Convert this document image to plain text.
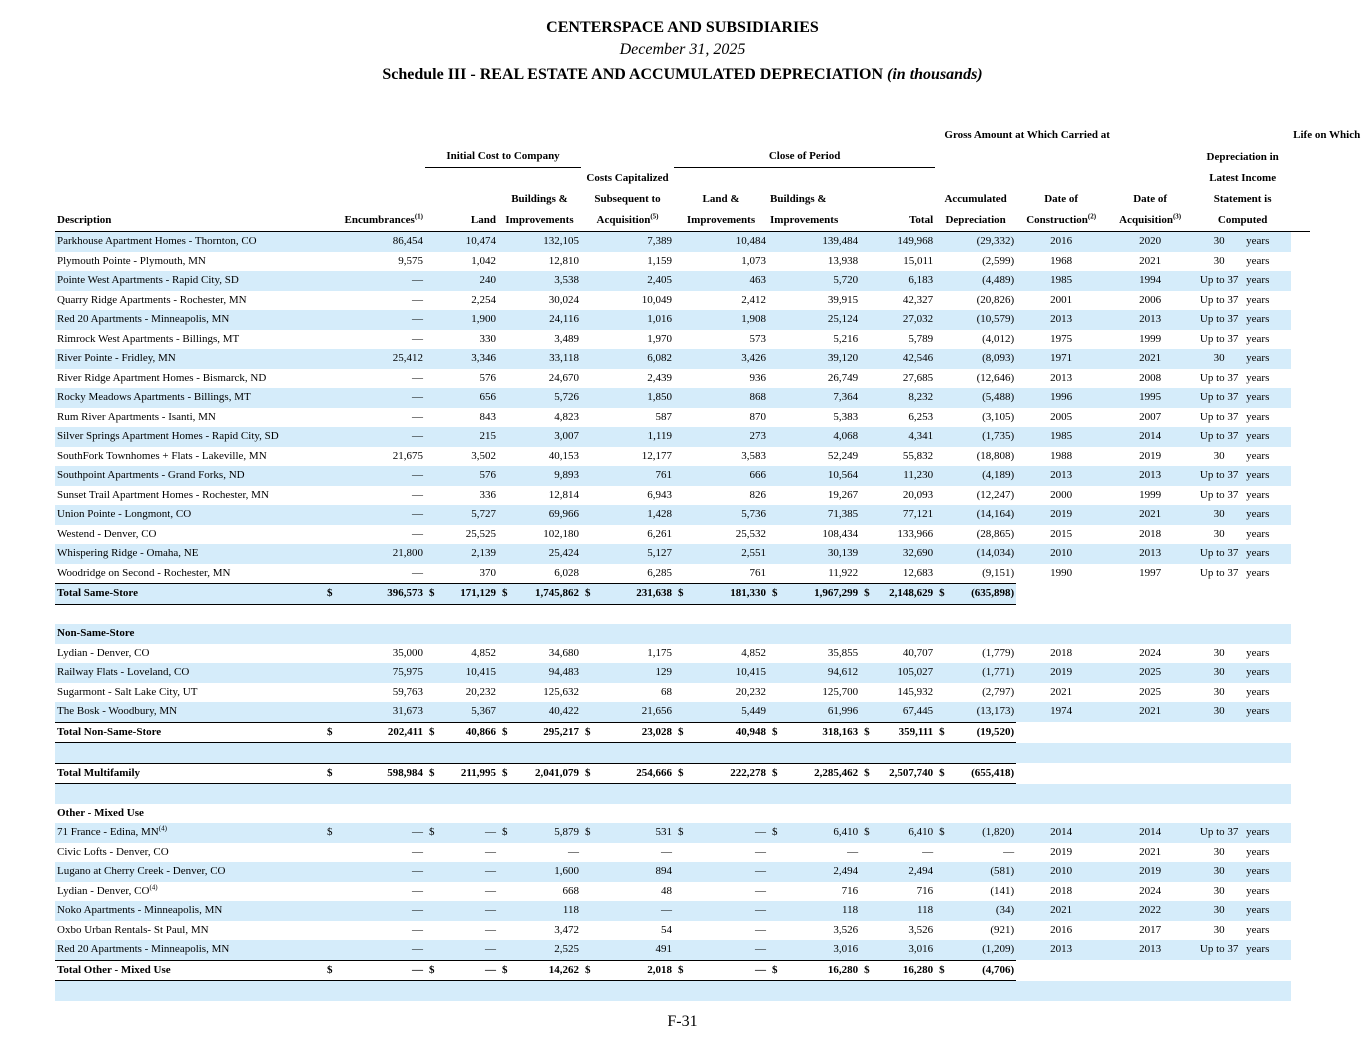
CENTERSPACE AND SUBSIDIARIES
December 31, 2025
Schedule III - REAL ESTATE AND ACCUMULATED DEPRECIATION (in thousands)
													Gross Amount at Which Carried at								Life on Which
			Initial Cost to Company						Close of Period										Depreciation in		
							Costs Capitalized												Latest Income		
					Buildings &		Subsequent to		Land &		Buildings &				Accumulated		Date of	Date of	Statement is		
Description	Encumbrances$^{(1)}$		Land		Improvements		Acquisition$^{(5)}$		Improvements		Improvements		Total		Depreciation		Construction$^{(2)}$	Acquisition$^{(3)}$	Computed		
Parkhouse Apartment Homes - Thornton, CO		86,454		10,474		132,105		7,389		10,484		139,484		149,968		(29,332)	2016	2020	30	years	
Plymouth Pointe - Plymouth, MN		9,575		1,042		12,810		1,159		1,073		13,938		15,011		(2,599)	1968	2021	30	years	
Pointe West Apartments - Rapid City, SD		—		240		3,538		2,405		463		5,720		6,183		(4,489)	1985	1994	Up to 37	years	
Quarry Ridge Apartments - Rochester, MN		—		2,254		30,024		10,049		2,412		39,915		42,327		(20,826)	2001	2006	Up to 37	years	
Red 20 Apartments - Minneapolis, MN		—		1,900		24,116		1,016		1,908		25,124		27,032		(10,579)	2013	2013	Up to 37	years	
Rimrock West Apartments - Billings, MT		—		330		3,489		1,970		573		5,216		5,789		(4,012)	1975	1999	Up to 37	years	
River Pointe - Fridley, MN		25,412		3,346		33,118		6,082		3,426		39,120		42,546		(8,093)	1971	2021	30	years	
River Ridge Apartment Homes - Bismarck, ND		—		576		24,670		2,439		936		26,749		27,685		(12,646)	2013	2008	Up to 37	years	
Rocky Meadows Apartments - Billings, MT		—		656		5,726		1,850		868		7,364		8,232		(5,488)	1996	1995	Up to 37	years	
Rum River Apartments - Isanti, MN		—		843		4,823		587		870		5,383		6,253		(3,105)	2005	2007	Up to 37	years	
Silver Springs Apartment Homes - Rapid City, SD		—		215		3,007		1,119		273		4,068		4,341		(1,735)	1985	2014	Up to 37	years	
SouthFork Townhomes + Flats - Lakeville, MN		21,675		3,502		40,153		12,177		3,583		52,249		55,832		(18,808)	1988	2019	30	years	
Southpoint Apartments - Grand Forks, ND		—		576		9,893		761		666		10,564		11,230		(4,189)	2013	2013	Up to 37	years	
Sunset Trail Apartment Homes - Rochester, MN		—		336		12,814		6,943		826		19,267		20,093		(12,247)	2000	1999	Up to 37	years	
Union Pointe - Longmont, CO		—		5,727		69,966		1,428		5,736		71,385		77,121		(14,164)	2019	2021	30	years	
Westend - Denver, CO		—		25,525		102,180		6,261		25,532		108,434		133,966		(28,865)	2015	2018	30	years	
Whispering Ridge - Omaha, NE		21,800		2,139		25,424		5,127		2,551		30,139		32,690		(14,034)	2010	2013	Up to 37	years	
Woodridge on Second - Rochester, MN		—		370		6,028		6,285		761		11,922		12,683		(9,151)	1990	1997	Up to 37	years	
Total Same-Store	$	396,573	$	171,129	$	1,745,862	$	231,638	$	181,330	$	1,967,299	$	2,148,629	$	(635,898)					

Non-Same-Store																					
Lydian - Denver, CO		35,000		4,852		34,680		1,175		4,852		35,855		40,707		(1,779)	2018	2024	30	years	
Railway Flats - Loveland, CO		75,975		10,415		94,483		129		10,415		94,612		105,027		(1,771)	2019	2025	30	years	
Sugarmont - Salt Lake City, UT		59,763		20,232		125,632		68		20,232		125,700		145,932		(2,797)	2021	2025	30	years	
The Bosk - Woodbury, MN		31,673		5,367		40,422		21,656		5,449		61,996		67,445		(13,173)	1974	2021	30	years	
Total Non-Same-Store	$	202,411	$	40,866	$	295,217	$	23,028	$	40,948	$	318,163	$	359,111	$	(19,520)					

Total Multifamily	$	598,984	$	211,995	$	2,041,079	$	254,666	$	222,278	$	2,285,462	$	2,507,740	$	(655,418)					

Other - Mixed Use																					
71 France - Edina, MN$^{(4)}$	$	—	$	—	$	5,879	$	531	$	—	$	6,410	$	6,410	$	(1,820)	2014	2014	Up to 37	years	
Civic Lofts - Denver, CO		—		—		—		—		—		—		—		—	2019	2021	30	years	
Lugano at Cherry Creek - Denver, CO		—		—		1,600		894		—		2,494		2,494		(581)	2010	2019	30	years	
Lydian - Denver, CO$^{(4)}$		—		—		668		48		—		716		716		(141)	2018	2024	30	years	
Noko Apartments - Minneapolis, MN		—		—		118		—		—		118		118		(34)	2021	2022	30	years	
Oxbo Urban Rentals- St Paul, MN		—		—		3,472		54		—		3,526		3,526		(921)	2016	2017	30	years	
Red 20 Apartments - Minneapolis, MN		—		—		2,525		491		—		3,016		3,016		(1,209)	2013	2013	Up to 37	years	
Total Other - Mixed Use	$	—	$	—	$	14,262	$	2,018	$	—	$	16,280	$	16,280	$	(4,706)					

F-31
